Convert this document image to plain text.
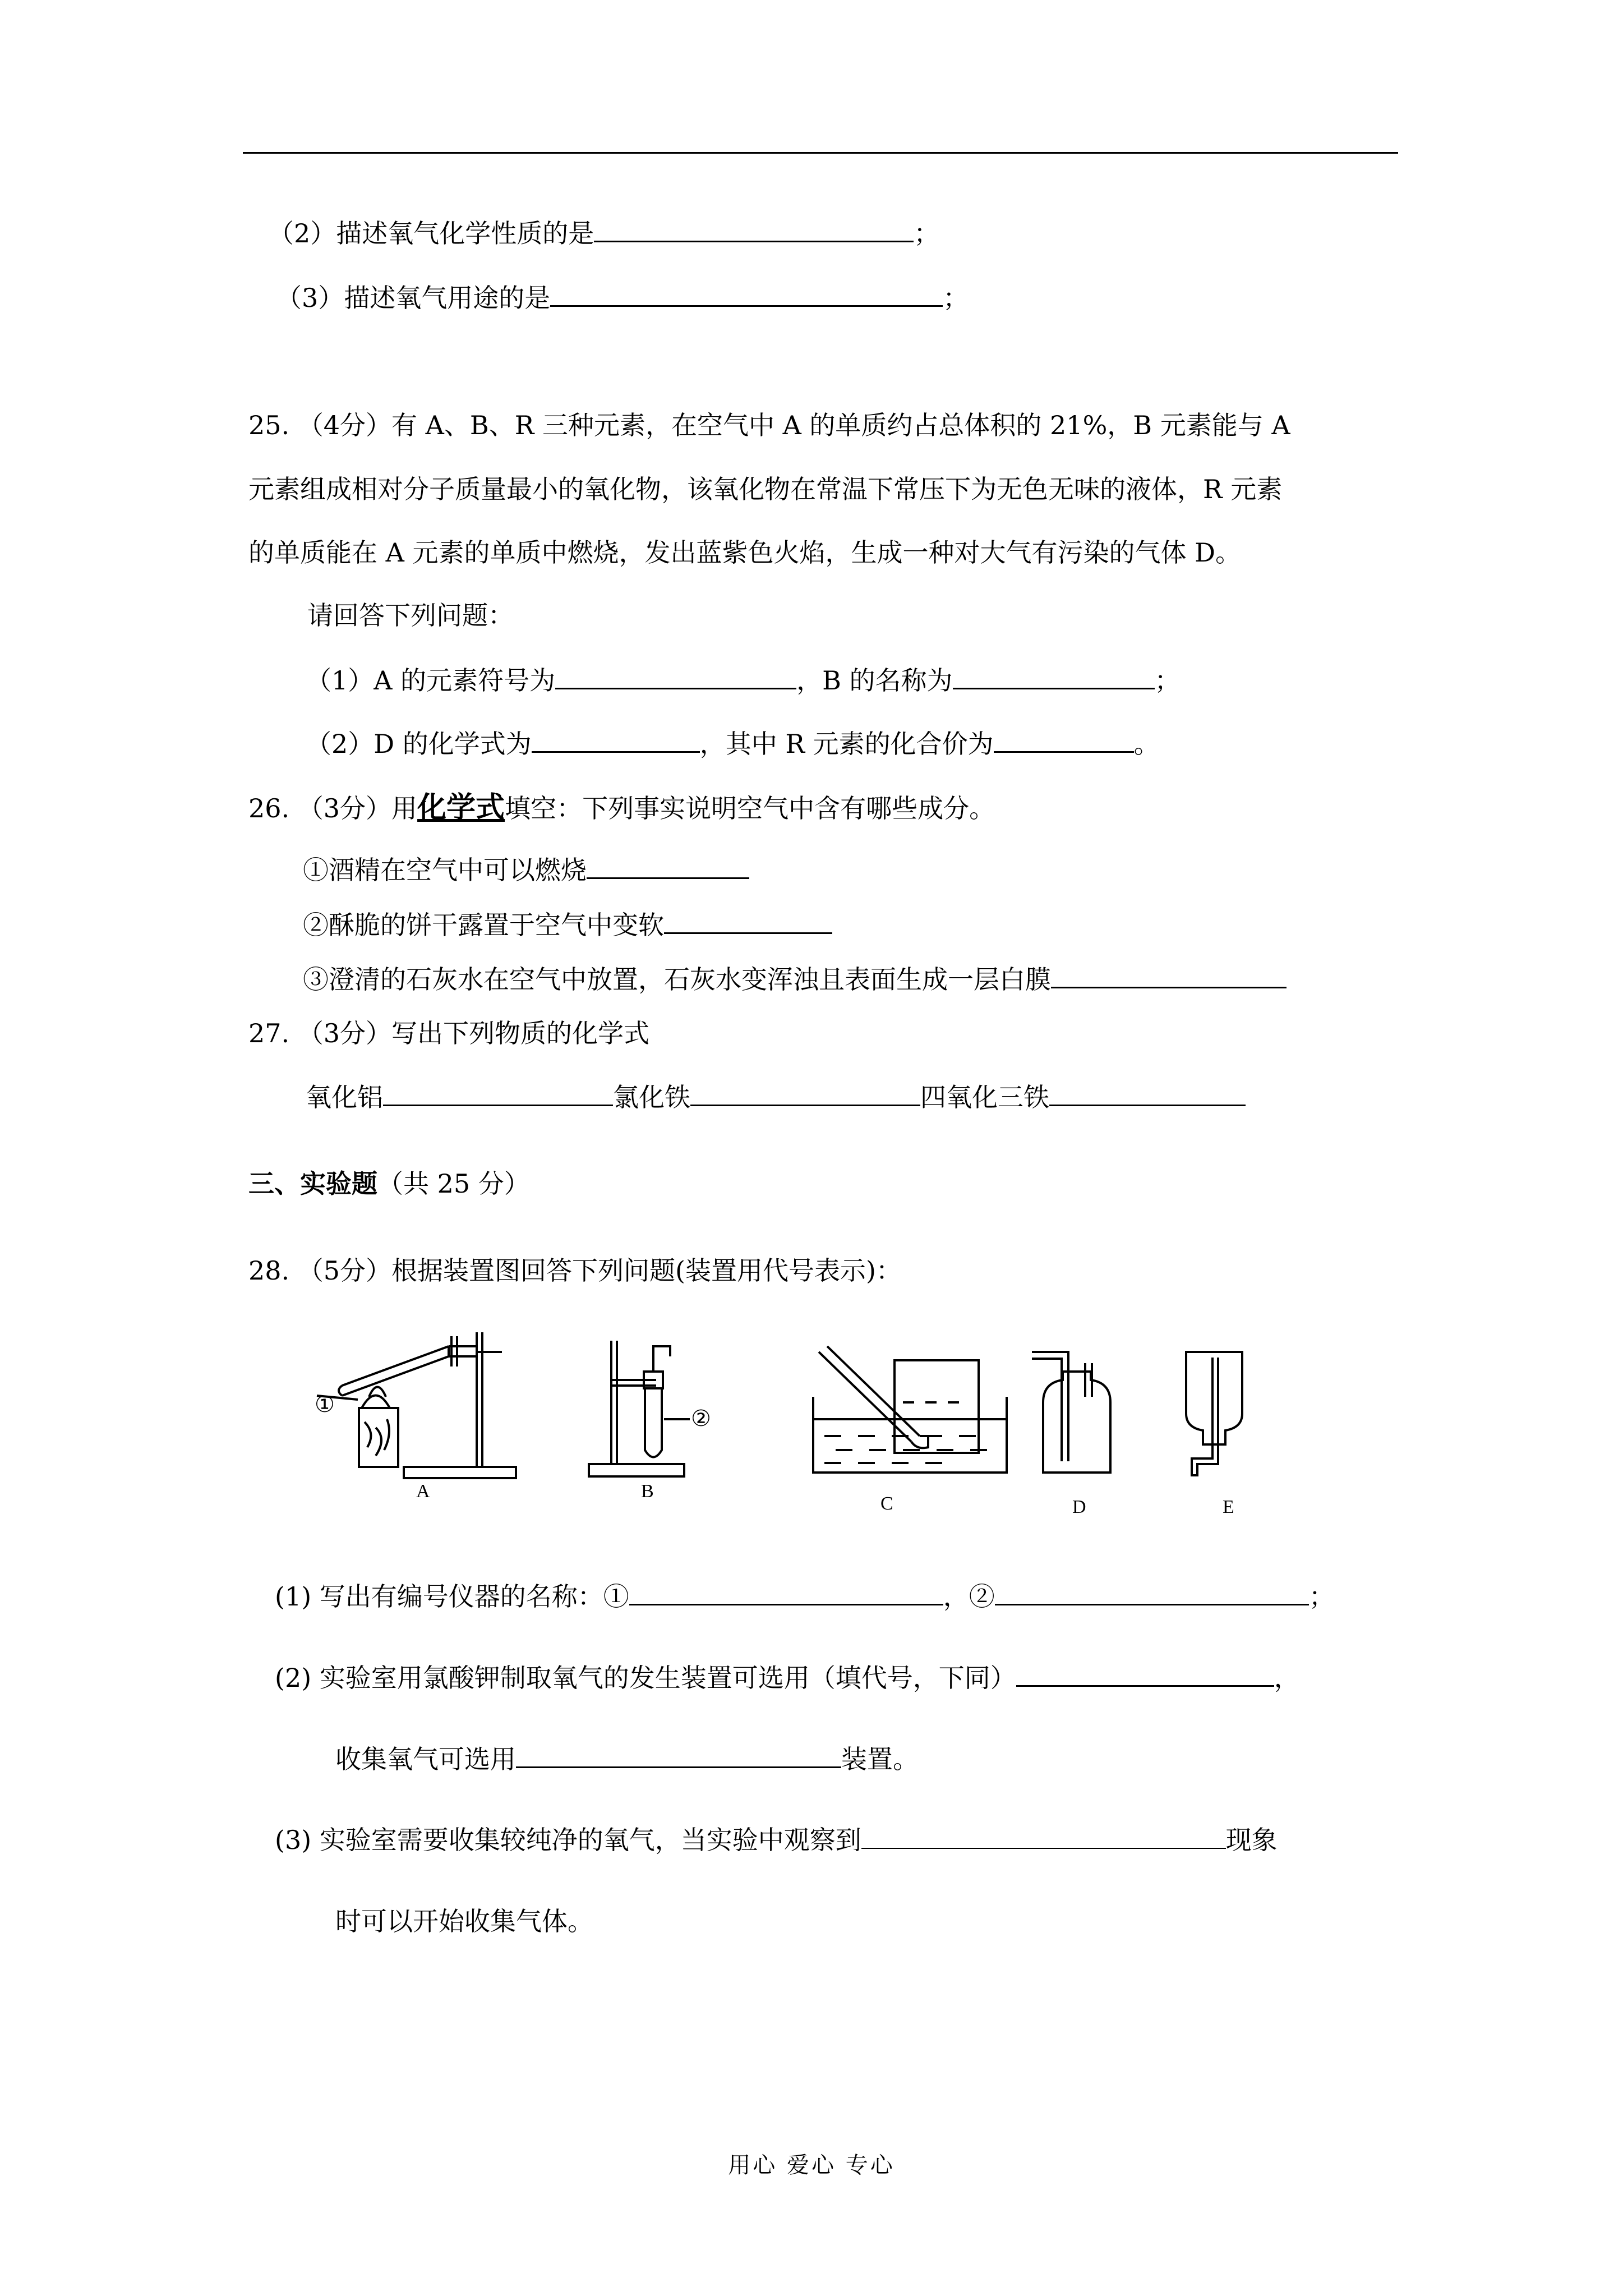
（2）描述氧气化学性质的是	；
（3）描述氧气用途的是	；
25. （4分）有 A、B、R 三种元素，在空气中 A 的单质约占总体积的 21%，B 元素能与 A
元素组成相对分子质量最小的氧化物，该氧化物在常温下常压下为无色无味的液体，R 元素
的单质能在 A 元素的单质中燃烧，发出蓝紫色火焰，生成一种对大气有污染的气体 D。
请回答下列问题：
（1）A 的元素符号为	，B 的名称为	；
（2）D 的化学式为	，其中 R 元素的化合价为	。
26. （3分）用化学式填空：下列事实说明空气中含有哪些成分。
①酒精在空气中可以燃烧
②酥脆的饼干露置于空气中变软
③澄清的石灰水在空气中放置，石灰水变浑浊且表面生成一层白膜
27. （3分）写出下列物质的化学式
氧化铝	氯化铁	四氧化三铁
三、实验题（共 25 分）
28. （5分）根据装置图回答下列问题(装置用代号表示)：
①
②
A	B
C	D	E
(1) 写出有编号仪器的名称：①	，②	；
(2) 实验室用氯酸钾制取氧气的发生装置可选用（填代号，下同）	，
收集氧气可选用	装置。
(3) 实验室需要收集较纯净的氧气，当实验中观察到	现象
时可以开始收集气体。
用心 爱心 专心
